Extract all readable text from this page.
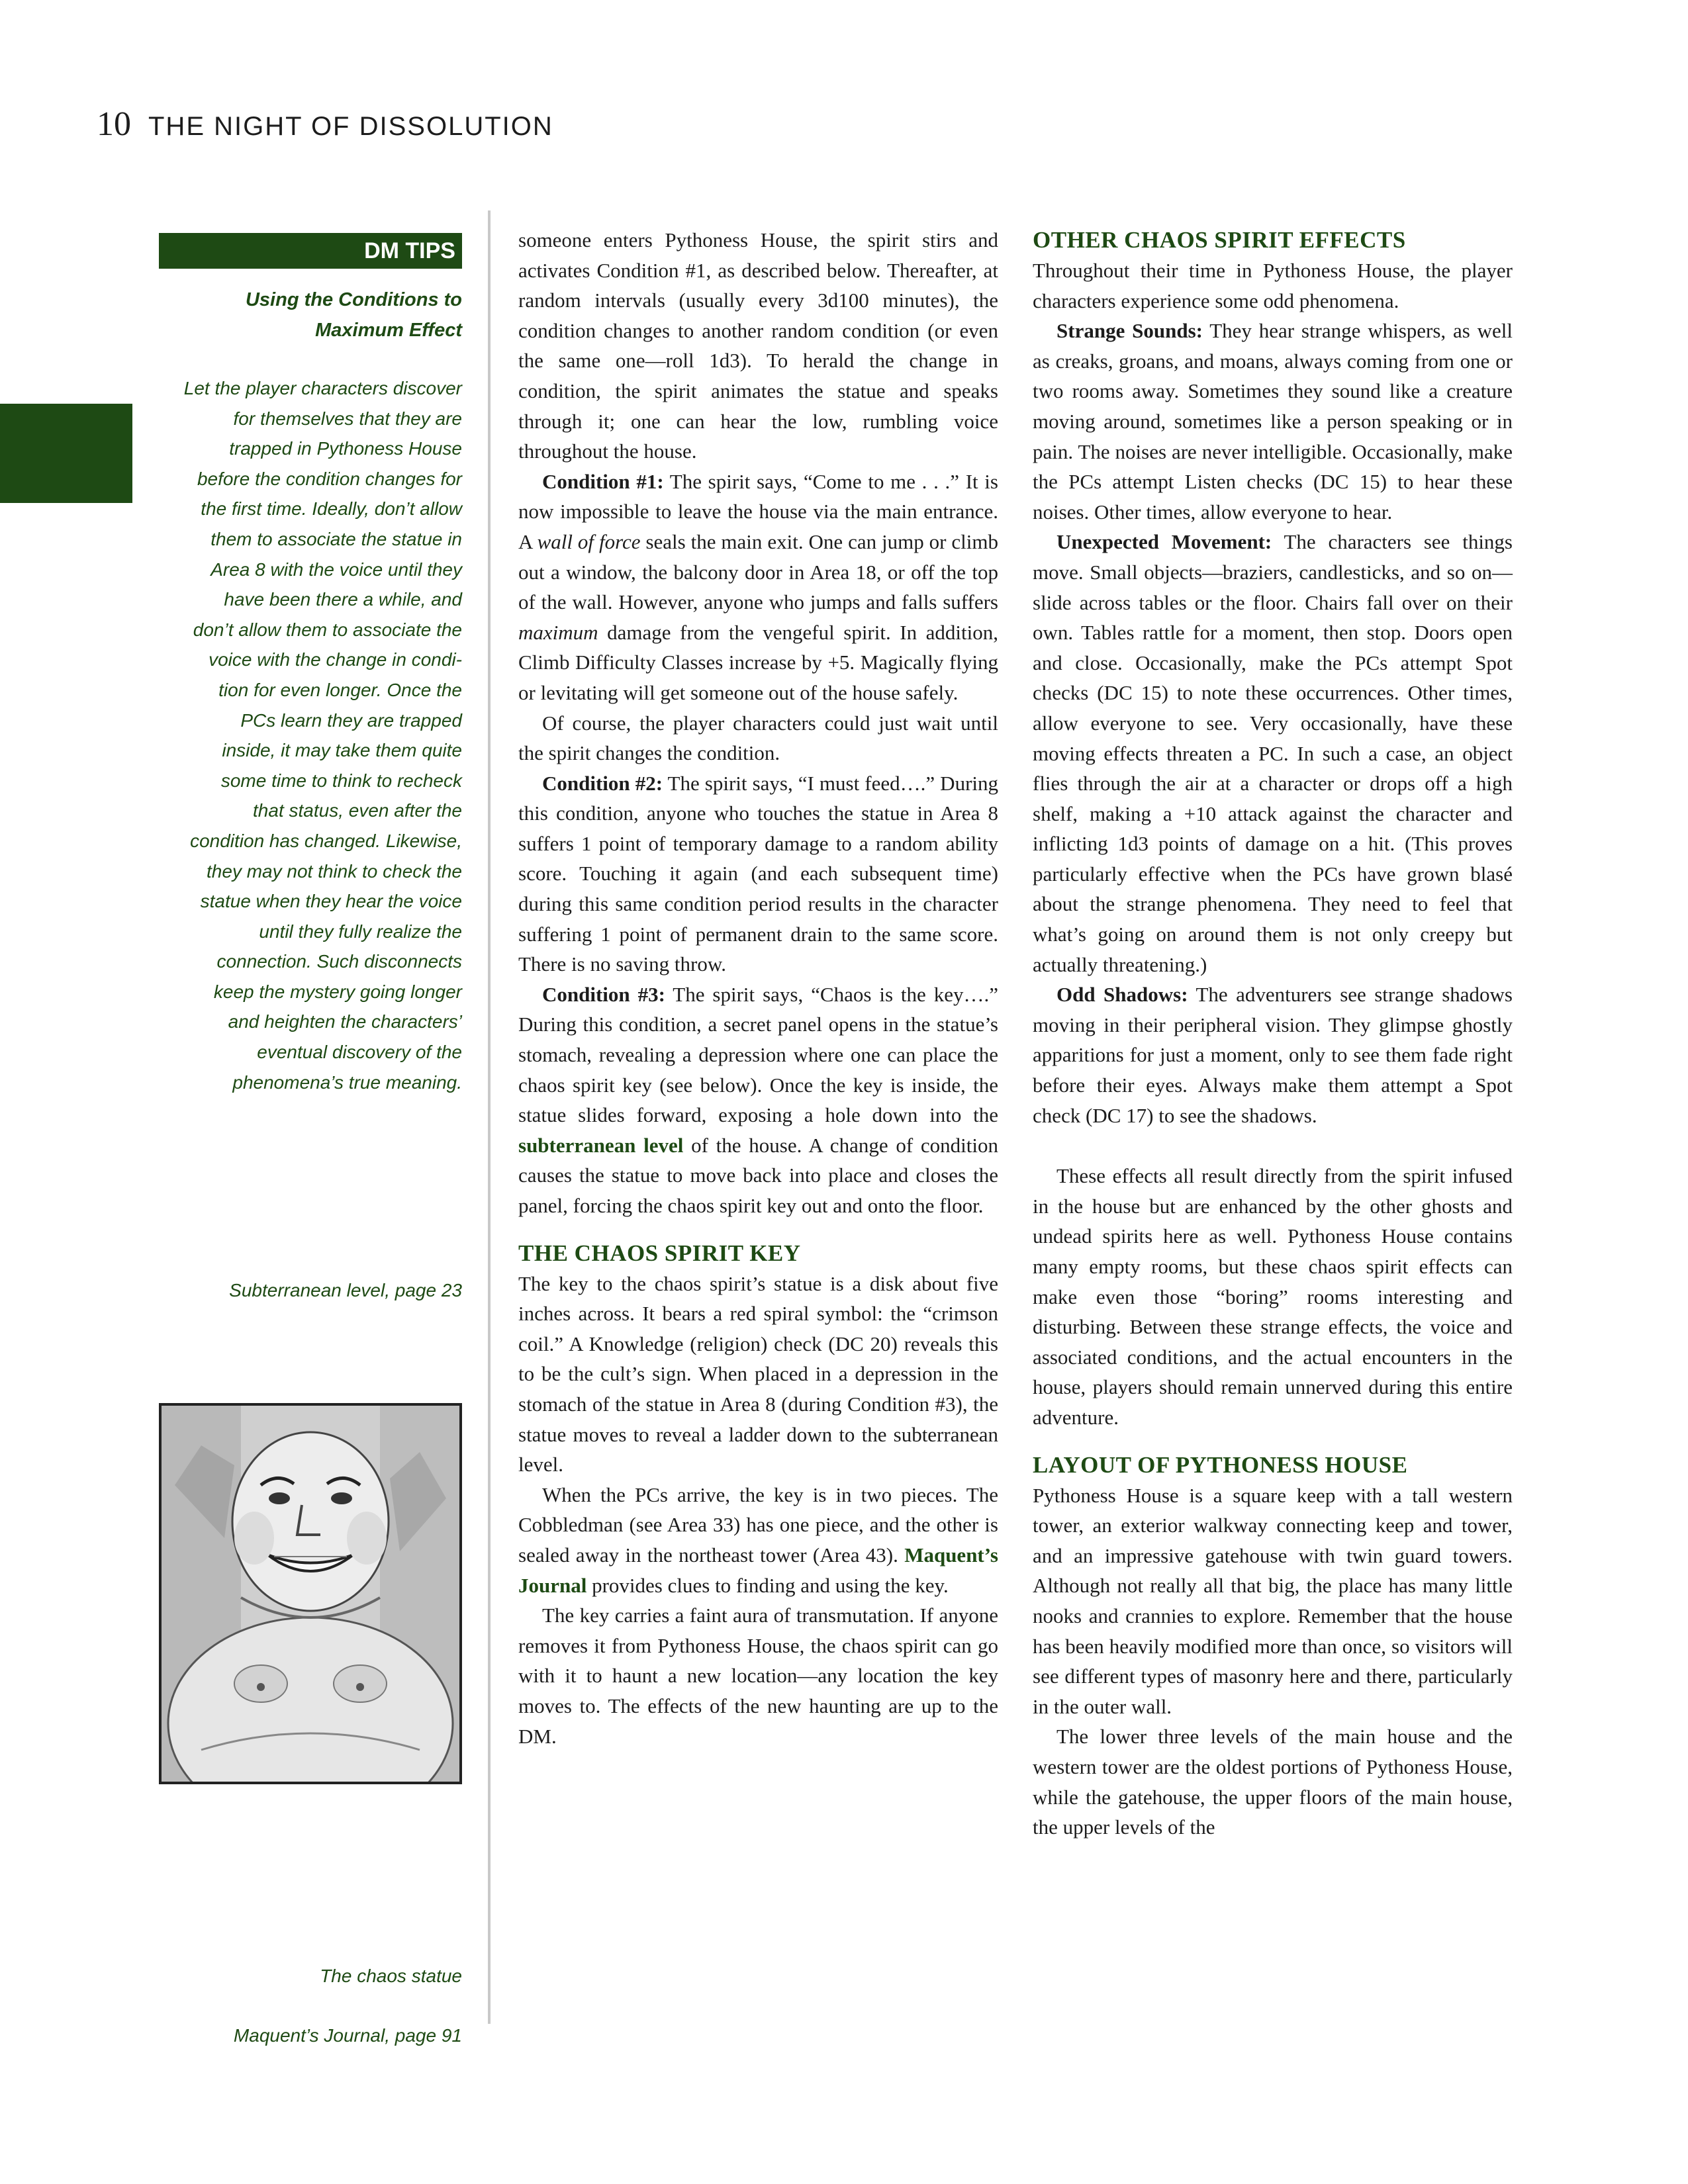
10 THE NIGHT OF DISSOLUTION
DM TIPS
Using the Conditions to
Maximum Effect
Let the player characters discover
for themselves that they are
trapped in Pythoness House
before the condition changes for
the first time. Ideally, don’t allow
them to associate the statue in
Area 8 with the voice until they
have been there a while, and
don’t allow them to associate the
voice with the change in condi-
tion for even longer. Once the
PCs learn they are trapped
inside, it may take them quite
some time to think to recheck
that status, even after the
condition has changed. Likewise,
they may not think to check the
statue when they hear the voice
until they fully realize the
connection. Such disconnects
keep the mystery going longer
and heighten the characters’
eventual discovery of the
phenomena’s true meaning.
Subterranean level, page 23
The chaos statue
Maquent’s Journal, page 91

someone enters Pythoness House, the spirit stirs and activates Condition #1, as described below. Thereafter, at random intervals (usually every 3d100 minutes), the condition changes to another random condition (or even the same one—roll 1d3). To herald the change in condition, the spirit animates the statue and speaks through it; one can hear the low, rumbling voice throughout the house.

Condition #1: The spirit says, “Come to me . . .” It is now impossible to leave the house via the main entrance. A wall of force seals the main exit. One can jump or climb out a window, the balcony door in Area 18, or off the top of the wall. However, anyone who jumps and falls suffers maximum damage from the vengeful spirit. In addition, Climb Difficulty Classes increase by +5. Magically flying or levitating will get someone out of the house safely.

Of course, the player characters could just wait until the spirit changes the condition.

Condition #2: The spirit says, “I must feed….” During this condition, anyone who touches the statue in Area 8 suffers 1 point of temporary damage to a random ability score. Touching it again (and each subsequent time) during this same condition period results in the character suffering 1 point of permanent drain to the same score. There is no saving throw.

Condition #3: The spirit says, “Chaos is the key….” During this condition, a secret panel opens in the statue’s stomach, revealing a depression where one can place the chaos spirit key (see below). Once the key is inside, the statue slides forward, exposing a hole down into the subterranean level of the house. A change of condition causes the statue to move back into place and closes the panel, forcing the chaos spirit key out and onto the floor.

THE CHAOS SPIRIT KEY

The key to the chaos spirit’s statue is a disk about five inches across. It bears a red spiral symbol: the “crimson coil.” A Knowledge (religion) check (DC 20) reveals this to be the cult’s sign. When placed in a depression in the stomach of the statue in Area 8 (during Condition #3), the statue moves to reveal a ladder down to the subterranean level.

When the PCs arrive, the key is in two pieces. The Cobbledman (see Area 33) has one piece, and the other is sealed away in the northeast tower (Area 43). Maquent’s Journal provides clues to finding and using the key.

The key carries a faint aura of transmutation. If anyone removes it from Pythoness House, the chaos spirit can go with it to haunt a new location—any location the key moves to. The effects of the new haunting are up to the DM.

OTHER CHAOS SPIRIT EFFECTS

Throughout their time in Pythoness House, the player characters experience some odd phenomena.

Strange Sounds: They hear strange whispers, as well as creaks, groans, and moans, always coming from one or two rooms away. Sometimes they sound like a creature moving around, sometimes like a person speaking or in pain. The noises are never intelligible. Occasionally, make the PCs attempt Listen checks (DC 15) to hear these noises. Other times, allow everyone to hear.

Unexpected Movement: The characters see things move. Small objects—braziers, candlesticks, and so on—slide across tables or the floor. Chairs fall over on their own. Tables rattle for a moment, then stop. Doors open and close. Occasionally, make the PCs attempt Spot checks (DC 15) to note these occurrences. Other times, allow everyone to see. Very occasionally, have these moving effects threaten a PC. In such a case, an object flies through the air at a character or drops off a high shelf, making a +10 attack against the character and inflicting 1d3 points of damage on a hit. (This proves particularly effective when the PCs have grown blasé about the strange phenomena. They need to feel that what’s going on around them is not only creepy but actually threatening.)

Odd Shadows: The adventurers see strange shadows moving in their peripheral vision. They glimpse ghostly apparitions for just a moment, only to see them fade right before their eyes. Always make them attempt a Spot check (DC 17) to see the shadows.

These effects all result directly from the spirit infused in the house but are enhanced by the other ghosts and undead spirits here as well. Pythoness House contains many empty rooms, but these chaos spirit effects can make even those “boring” rooms interesting and disturbing. Between these strange effects, the voice and associated conditions, and the actual encounters in the house, players should remain unnerved during this entire adventure.

LAYOUT OF PYTHONESS HOUSE

Pythoness House is a square keep with a tall western tower, an exterior walkway connecting keep and tower, and an impressive gatehouse with twin guard towers. Although not really all that big, the place has many little nooks and crannies to explore. Remember that the house has been heavily modified more than once, so visitors will see different types of masonry here and there, particularly in the outer wall.

The lower three levels of the main house and the western tower are the oldest portions of Pythoness House, while the gatehouse, the upper floors of the main house, the upper levels of the
